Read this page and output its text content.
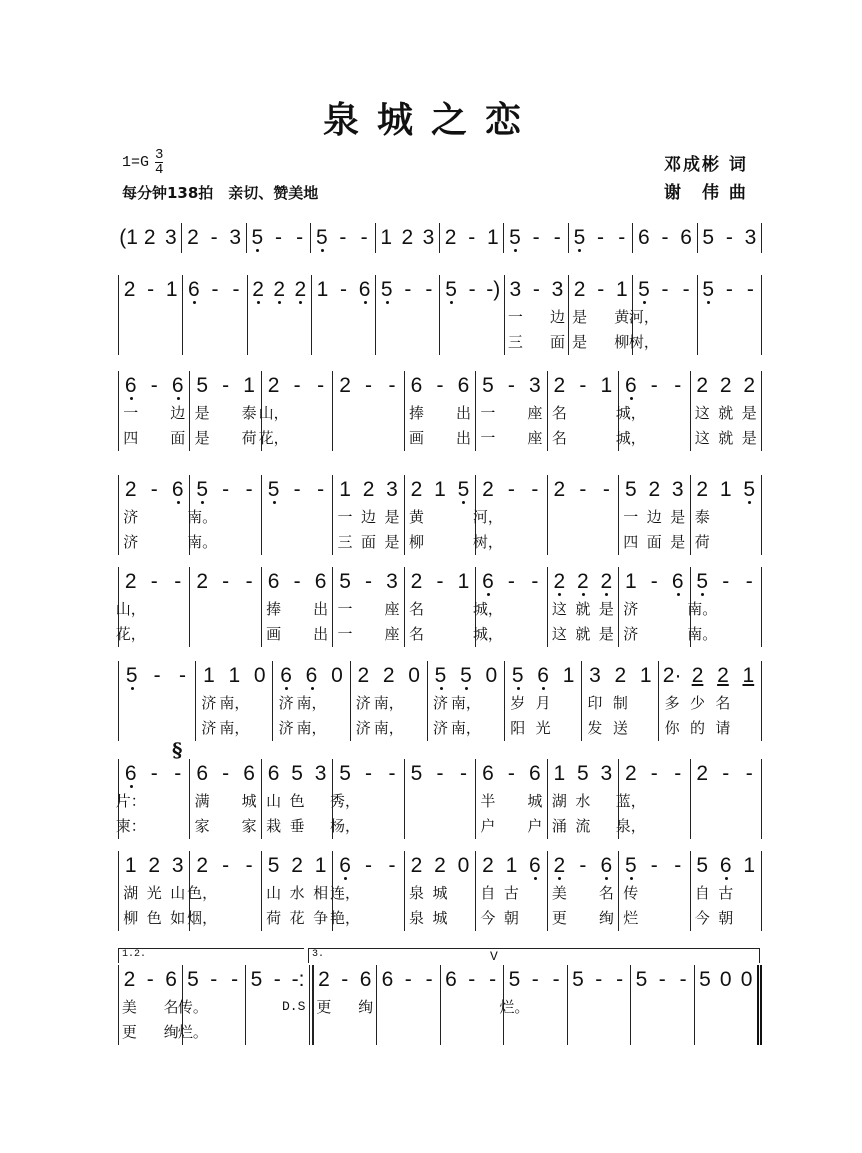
泉城之恋
$1=G \frac{3}{4}$
每分钟138拍　亲切、赞美地
邓成彬 词
谢　伟 曲
(1 2 3 2 - 3 5 - - 5 - - 1 2 3 2 - 1 5 - - 5 - - 6 - 6 5 - 3
2 - 1 6 - - 2 2 2 1 - 6 5 - - 5 - -) 3
一
三
- 3
边
面
2
是
是
- 1
黄
柳
5
河，
树，
- - 5 - -
6
一
四
- 6
边
面
5
是
是
- 1
泰
荷
2
山，
花，
- - 2 - - 6
捧
画
- 6
出
出
5
一
一
- 3
座
座
2
名
名
- 1 6
城，
城，
- - 2
这
这
2
就
就
2
是
是
2
济
济
- 6 5
南。
南。
- - 5 - - 1
一
三
2
边
面
3
是
是
2
黄
柳
1 5 2
河，
树，
- - 2 - - 5
一
四
2
边
面
3
是
是
2
泰
荷
1 5
2
山，
花，
- - 2 - - 6
捧
画
- 6
出
出
5
一
一
- 3
座
座
2
名
名
- 1 6
城，
城，
- - 2
这
这
2
就
就
2
是
是
1
济
济
- 6 5
南。
南。
- -
5 - - 1
济
济
1
南，
南，
0 6
济
济
6
南，
南，
0 2
济
济
2
南，
南，
0 5
济
济
5
南，
南，
0 5
岁
阳
6
月
光
1 3
印
发
2
制
送
1 2·
多
你
2
少
的
2
名
请
1
6
片：
柬：
- - 6
满
家
- 6
城
家
6
山
栽
5
色
垂
3 5
秀，
杨，
- - 5 - - 6
半
户
- 6
城
户
1
湖
涌
5
水
流
3 2
蓝，
泉，
- - 2 - -
1
湖
柳
2
光
色
3
山
如
2
色，
烟，
- - 5
山
荷
2
水
花
1
相
争
6
连，
艳，
- - 2
泉
泉
2
城
城
0 2
自
今
1
古
朝
6 2
美
更
- 6
名
绚
5
传
烂
- - 5
自
今
6
古
朝
1
2
美
更
- 6
名
绚
5
传。
烂。
- - 5 - -: 2
更
- 6
绚
6 - - 6 - - 5
烂。
- - 5 - - 5 - - 5 0 0
§
1.2.	3.
D.S
V
